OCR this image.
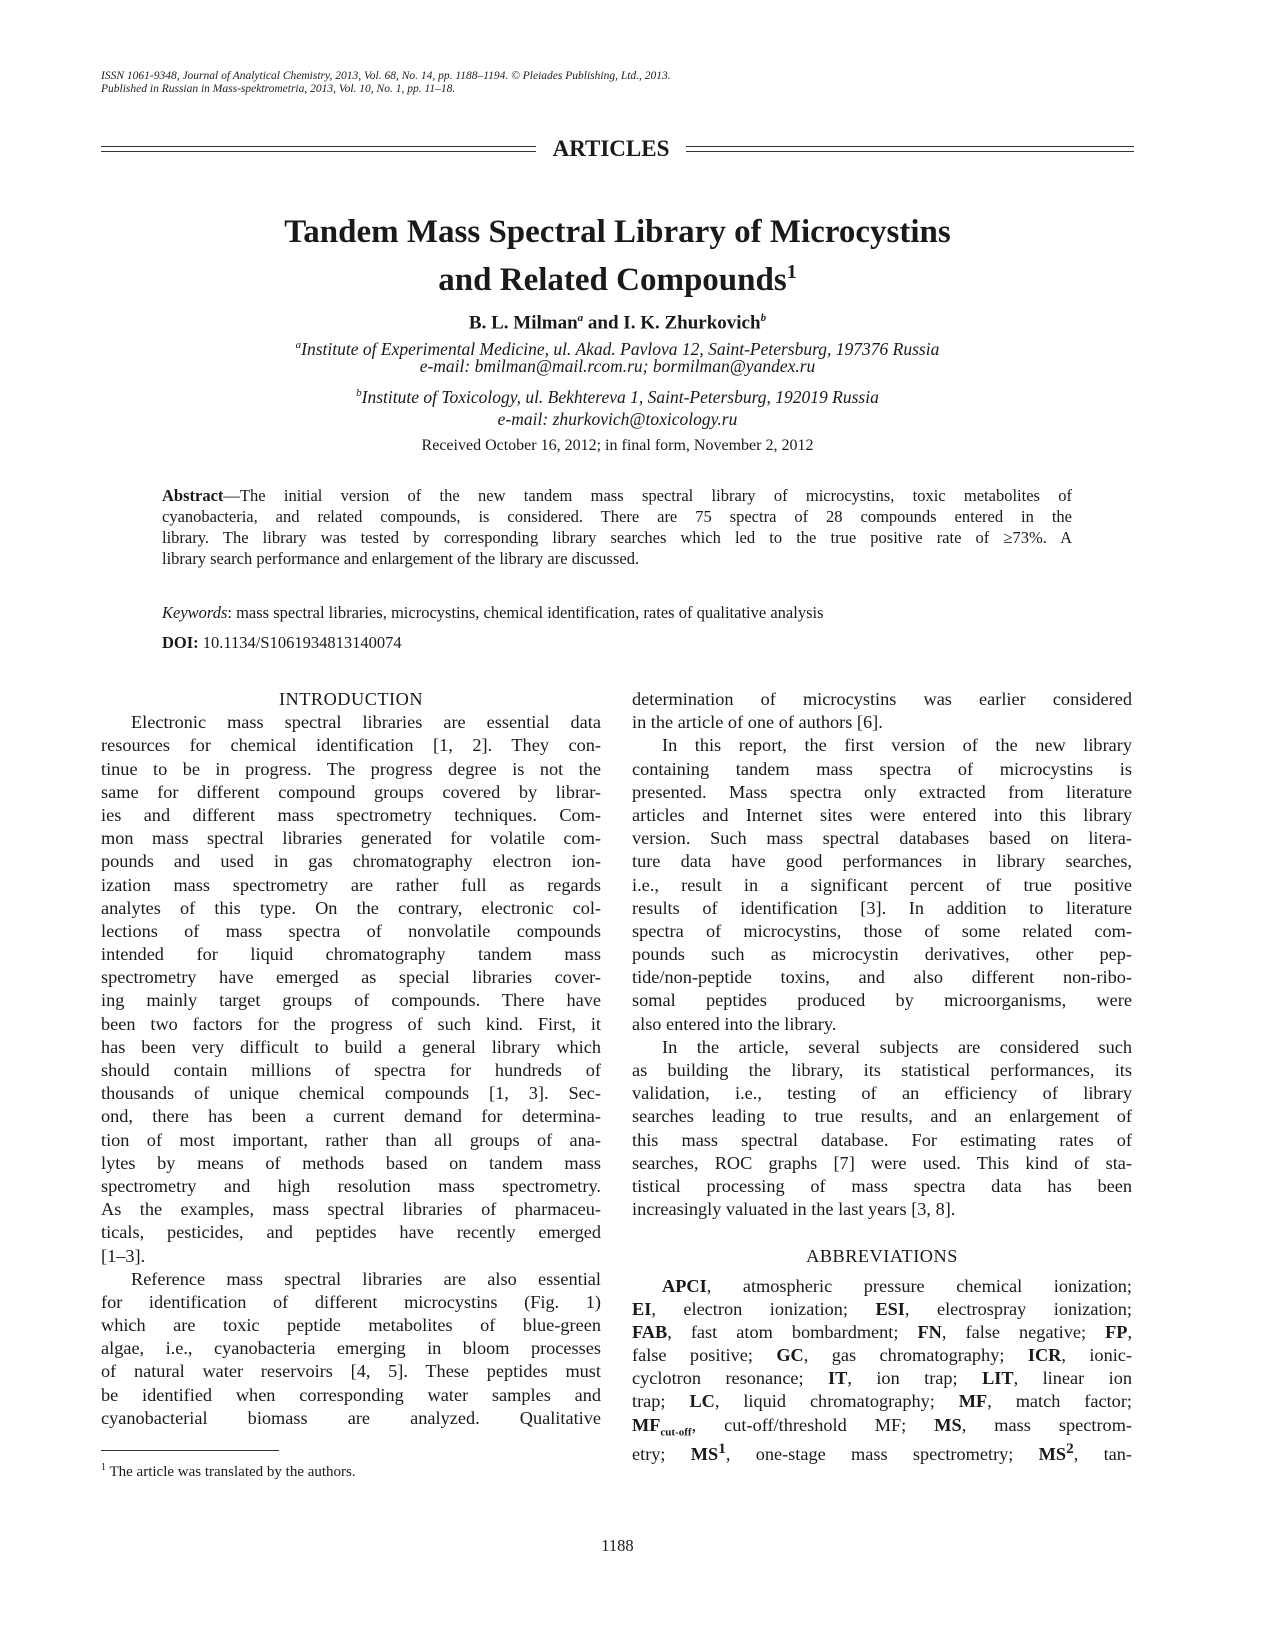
ISSN 1061-9348, Journal of Analytical Chemistry, 2013, Vol. 68, No. 14, pp. 1188–1194. © Pleiades Publishing, Ltd., 2013.
Published in Russian in Mass-spektrometria, 2013, Vol. 10, No. 1, pp. 11–18.
ARTICLES
Tandem Mass Spectral Library of Microcystins
and Related Compounds$^1$
B. L. Milman$^a$ and I. K. Zhurkovich$^b$
$^a$Institute of Experimental Medicine, ul. Akad. Pavlova 12, Saint-Petersburg, 197376 Russia
e-mail: bmilman@mail.rcom.ru; bormilman@yandex.ru
$^b$Institute of Toxicology, ul. Bekhtereva 1, Saint-Petersburg, 192019 Russia
e-mail: zhurkovich@toxicology.ru
Received October 16, 2012; in final form, November 2, 2012
Abstract—The initial version of the new tandem mass spectral library of microcystins, toxic metabolites of
cyanobacteria, and related compounds, is considered. There are 75 spectra of 28 compounds entered in the
library. The library was tested by corresponding library searches which led to the true positive rate of ≥73%. A
library search performance and enlargement of the library are discussed.
Keywords: mass spectral libraries, microcystins, chemical identification, rates of qualitative analysis
DOI: 10.1134/S1061934813140074
INTRODUCTION
Electronic mass spectral libraries are essential data
resources for chemical identification [1, 2]. They con-
tinue to be in progress. The progress degree is not the
same for different compound groups covered by librar-
ies and different mass spectrometry techniques. Com-
mon mass spectral libraries generated for volatile com-
pounds and used in gas chromatography electron ion-
ization mass spectrometry are rather full as regards
analytes of this type. On the contrary, electronic col-
lections of mass spectra of nonvolatile compounds
intended for liquid chromatography tandem mass
spectrometry have emerged as special libraries cover-
ing mainly target groups of compounds. There have
been two factors for the progress of such kind. First, it
has been very difficult to build a general library which
should contain millions of spectra for hundreds of
thousands of unique chemical compounds [1, 3]. Sec-
ond, there has been a current demand for determina-
tion of most important, rather than all groups of ana-
lytes by means of methods based on tandem mass
spectrometry and high resolution mass spectrometry.
As the examples, mass spectral libraries of pharmaceu-
ticals, pesticides, and peptides have recently emerged
[1–3].
Reference mass spectral libraries are also essential
for identification of different microcystins (Fig. 1)
which are toxic peptide metabolites of blue-green
algae, i.e., cyanobacteria emerging in bloom processes
of natural water reservoirs [4, 5]. These peptides must
be identified when corresponding water samples and
cyanobacterial biomass are analyzed. Qualitative
determination of microcystins was earlier considered
in the article of one of authors [6].
In this report, the first version of the new library
containing tandem mass spectra of microcystins is
presented. Mass spectra only extracted from literature
articles and Internet sites were entered into this library
version. Such mass spectral databases based on litera-
ture data have good performances in library searches,
i.e., result in a significant percent of true positive
results of identification [3]. In addition to literature
spectra of microcystins, those of some related com-
pounds such as microcystin derivatives, other pep-
tide/non-peptide toxins, and also different non-ribo-
somal peptides produced by microorganisms, were
also entered into the library.
In the article, several subjects are considered such
as building the library, its statistical performances, its
validation, i.e., testing of an efficiency of library
searches leading to true results, and an enlargement of
this mass spectral database. For estimating rates of
searches, ROC graphs [7] were used. This kind of sta-
tistical processing of mass spectra data has been
increasingly valuated in the last years [3, 8].
ABBREVIATIONS
APCI, atmospheric pressure chemical ionization;
EI, electron ionization; ESI, electrospray ionization;
FAB, fast atom bombardment; FN, false negative; FP,
false positive; GC, gas chromatography; ICR, ionic-
cyclotron resonance; IT, ion trap; LIT, linear ion
trap; LC, liquid chromatography; MF, match factor;
$MF_{cut-off}$, cut-off/threshold MF; MS, mass spectrom-
etry; $MS^1$, one-stage mass spectrometry; $MS^2$, tan-
$^1$ The article was translated by the authors.
1188
